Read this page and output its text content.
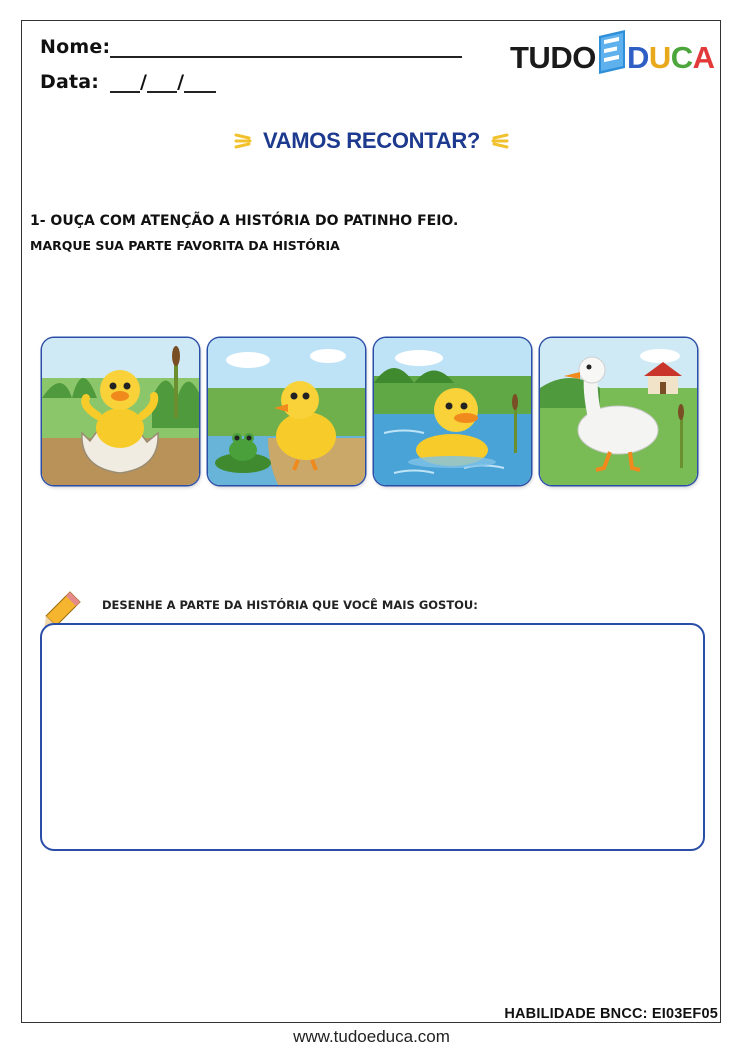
Nome:
Data: / /
TUDO DUCA
VAMOS RECONTAR?
1- OUÇA COM ATENÇÃO A HISTÓRIA DO PATINHO FEIO.
MARQUE SUA PARTE FAVORITA DA HISTÓRIA
DESENHE A PARTE DA HISTÓRIA QUE VOCÊ MAIS GOSTOU:
HABILIDADE BNCC: EI03EF05
www.tudoeduca.com
